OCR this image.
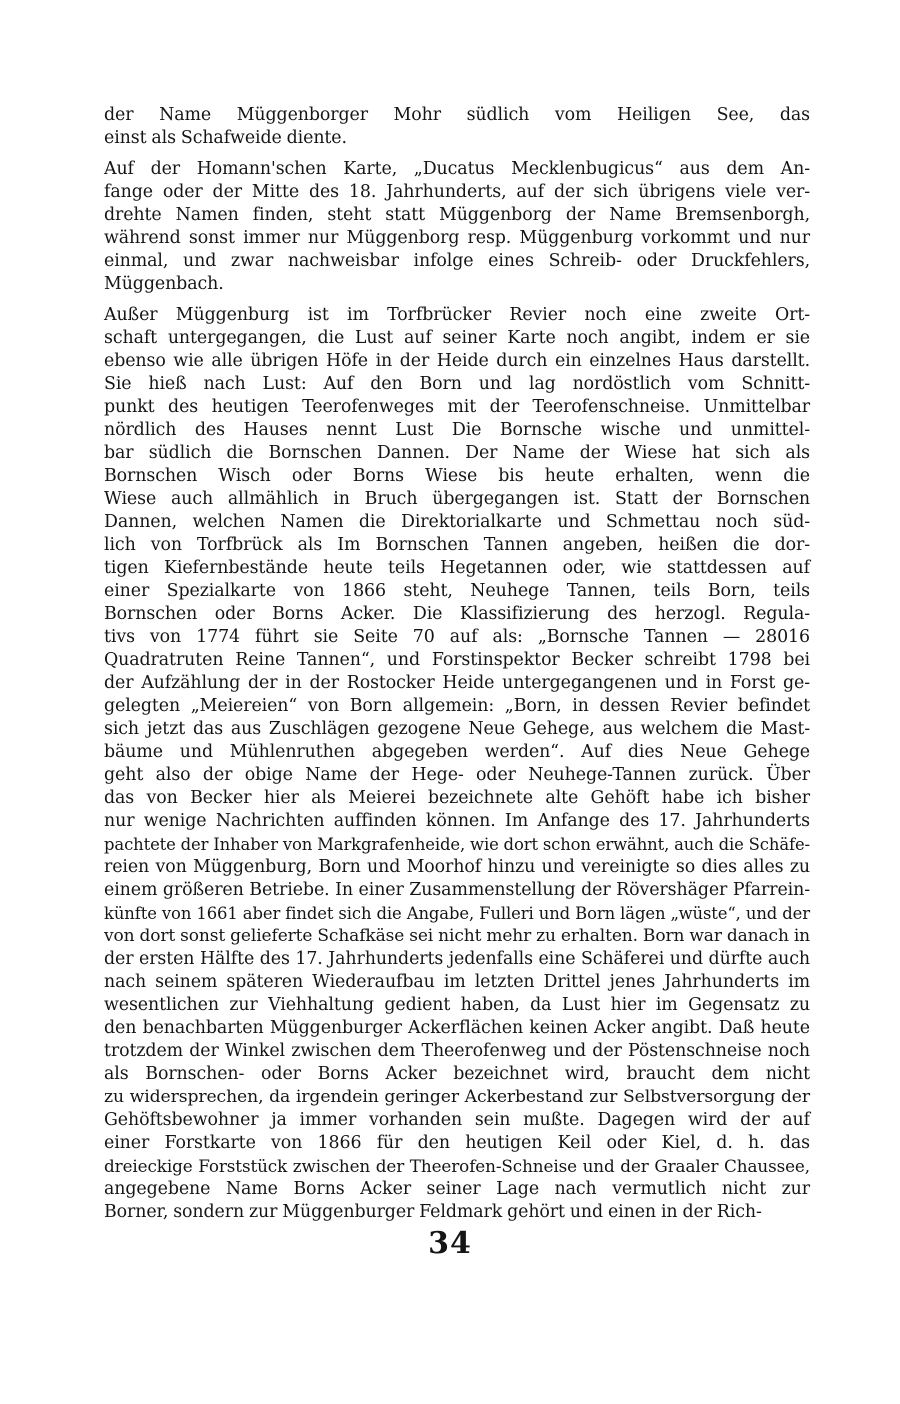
der Name Müggenborger Mohr südlich vom Heiligen See, das
einst als Schafweide diente.
Auf der Homann'schen Karte, „Ducatus Mecklenbugicus“ aus dem An-
fange oder der Mitte des 18. Jahrhunderts, auf der sich übrigens viele ver-
drehte Namen finden, steht statt Müggenborg der Name Bremsenborgh,
während sonst immer nur Müggenborg resp. Müggenburg vorkommt und nur
einmal, und zwar nachweisbar infolge eines Schreib- oder Druckfehlers,
Müggenbach.
Außer Müggenburg ist im Torfbrücker Revier noch eine zweite Ort-
schaft untergegangen, die Lust auf seiner Karte noch angibt, indem er sie
ebenso wie alle übrigen Höfe in der Heide durch ein einzelnes Haus darstellt.
Sie hieß nach Lust: Auf den Born und lag nordöstlich vom Schnitt-
punkt des heutigen Teerofenweges mit der Teerofenschneise. Unmittelbar
nördlich des Hauses nennt Lust Die Bornsche wische und unmittel-
bar südlich die Bornschen Dannen. Der Name der Wiese hat sich als
Bornschen Wisch oder Borns Wiese bis heute erhalten, wenn die
Wiese auch allmählich in Bruch übergegangen ist. Statt der Bornschen
Dannen, welchen Namen die Direktorialkarte und Schmettau noch süd-
lich von Torfbrück als Im Bornschen Tannen angeben, heißen die dor-
tigen Kiefernbestände heute teils Hegetannen oder, wie stattdessen auf
einer Spezialkarte von 1866 steht, Neuhege Tannen, teils Born, teils
Bornschen oder Borns Acker. Die Klassifizierung des herzogl. Regula-
tivs von 1774 führt sie Seite 70 auf als: „Bornsche Tannen — 28016
Quadratruten Reine Tannen“, und Forstinspektor Becker schreibt 1798 bei
der Aufzählung der in der Rostocker Heide untergegangenen und in Forst ge-
gelegten „Meiereien“ von Born allgemein: „Born, in dessen Revier befindet
sich jetzt das aus Zuschlägen gezogene Neue Gehege, aus welchem die Mast-
bäume und Mühlenruthen abgegeben werden“. Auf dies Neue Gehege
geht also der obige Name der Hege- oder Neuhege-Tannen zurück. Über
das von Becker hier als Meierei bezeichnete alte Gehöft habe ich bisher
nur wenige Nachrichten auffinden können. Im Anfange des 17. Jahrhunderts
pachtete der Inhaber von Markgrafenheide, wie dort schon erwähnt, auch die Schäfe-
reien von Müggenburg, Born und Moorhof hinzu und vereinigte so dies alles zu
einem größeren Betriebe. In einer Zusammenstellung der Rövershäger Pfarrein-
künfte von 1661 aber findet sich die Angabe, Fulleri und Born lägen „wüste“, und der
von dort sonst gelieferte Schafkäse sei nicht mehr zu erhalten. Born war danach in
der ersten Hälfte des 17. Jahrhunderts jedenfalls eine Schäferei und dürfte auch
nach seinem späteren Wiederaufbau im letzten Drittel jenes Jahrhunderts im
wesentlichen zur Viehhaltung gedient haben, da Lust hier im Gegensatz zu
den benachbarten Müggenburger Ackerflächen keinen Acker angibt. Daß heute
trotzdem der Winkel zwischen dem Theerofenweg und der Pöstenschneise noch
als Bornschen- oder Borns Acker bezeichnet wird, braucht dem nicht
zu widersprechen, da irgendein geringer Ackerbestand zur Selbstversorgung der
Gehöftsbewohner ja immer vorhanden sein mußte. Dagegen wird der auf
einer Forstkarte von 1866 für den heutigen Keil oder Kiel, d. h. das
dreieckige Forststück zwischen der Theerofen-Schneise und der Graaler Chaussee,
angegebene Name Borns Acker seiner Lage nach vermutlich nicht zur
Borner, sondern zur Müggenburger Feldmark gehört und einen in der Rich-
34
